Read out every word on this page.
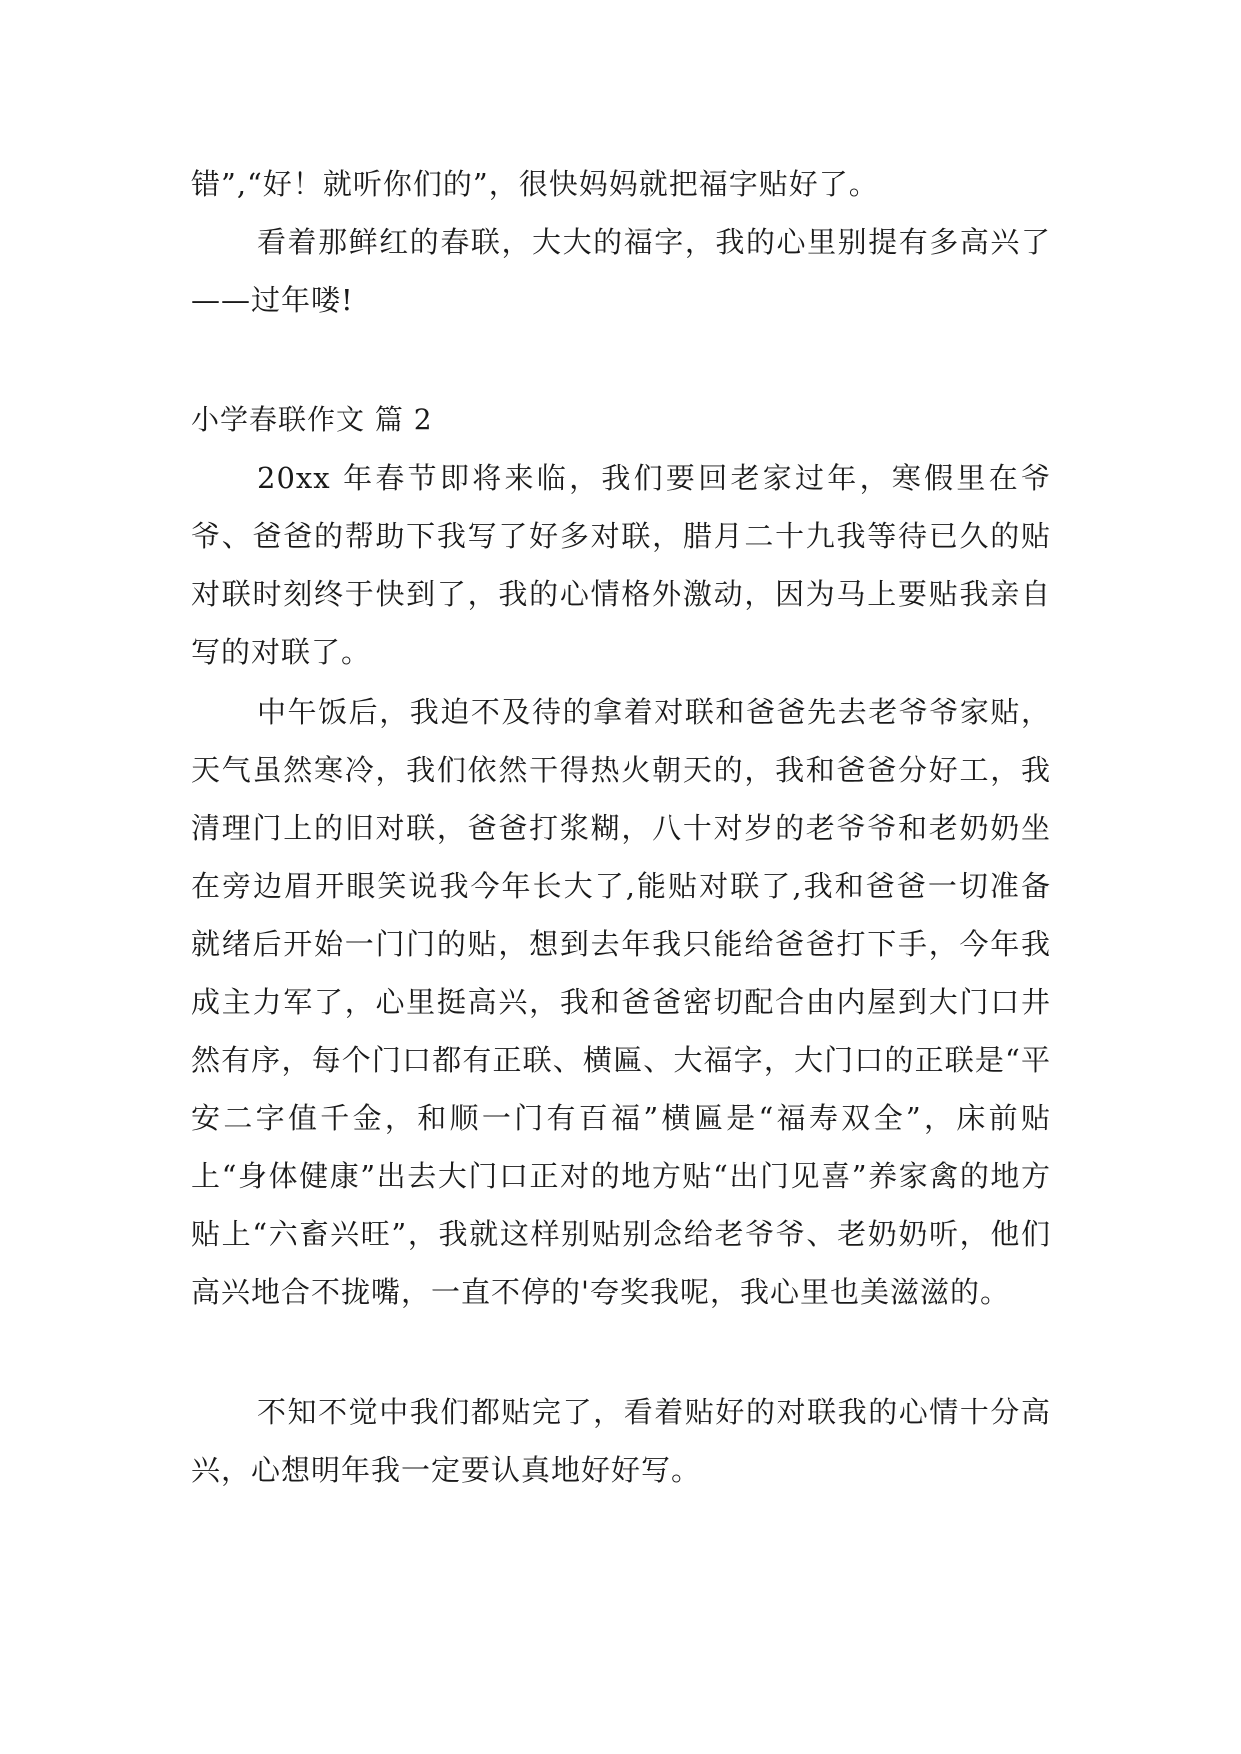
错”,“好！就听你们的”，很快妈妈就把福字贴好了。

看着那鲜红的春联，大大的福字，我的心里别提有多高兴了——过年喽!

小学春联作文 篇 2

20xx 年春节即将来临，我们要回老家过年，寒假里在爷爷、爸爸的帮助下我写了好多对联，腊月二十九我等待已久的贴对联时刻终于快到了，我的心情格外激动，因为马上要贴我亲自写的对联了。

中午饭后，我迫不及待的拿着对联和爸爸先去老爷爷家贴，天气虽然寒冷，我们依然干得热火朝天的，我和爸爸分好工，我清理门上的旧对联，爸爸打浆糊，八十对岁的老爷爷和老奶奶坐在旁边眉开眼笑说我今年长大了,能贴对联了,我和爸爸一切准备就绪后开始一门门的贴，想到去年我只能给爸爸打下手，今年我成主力军了，心里挺高兴，我和爸爸密切配合由内屋到大门口井然有序，每个门口都有正联、横匾、大福字，大门口的正联是“平安二字值千金，和顺一门有百福”横匾是“福寿双全”，床前贴上“身体健康”出去大门口正对的地方贴“出门见喜”养家禽的地方贴上“六畜兴旺”，我就这样别贴别念给老爷爷、老奶奶听，他们高兴地合不拢嘴，一直不停的'夸奖我呢，我心里也美滋滋的。

不知不觉中我们都贴完了，看着贴好的对联我的心情十分高兴，心想明年我一定要认真地好好写。
